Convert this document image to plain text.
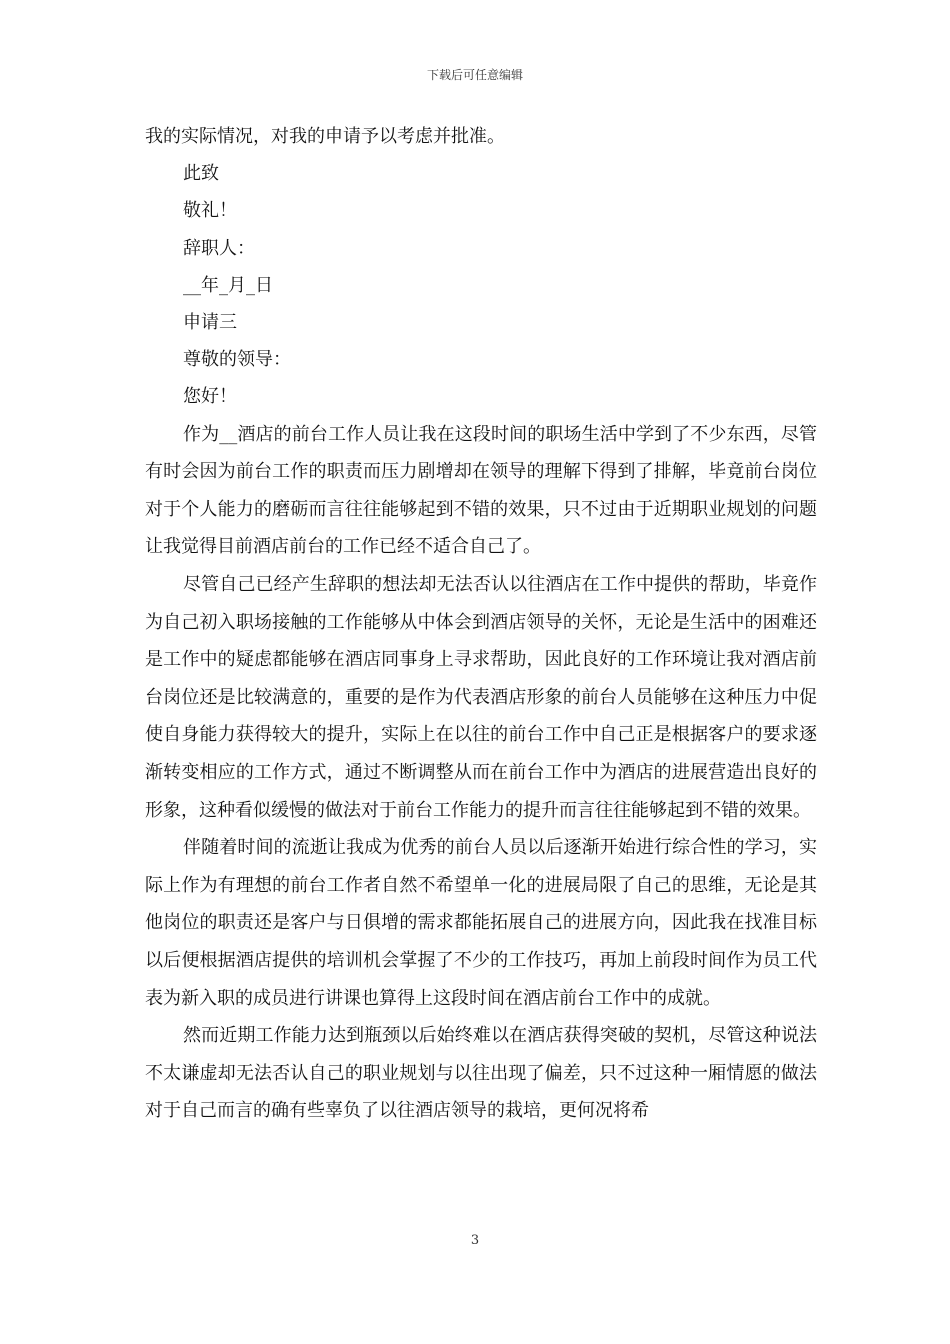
下载后可任意编辑
我的实际情况，对我的申请予以考虑并批准。
此致
敬礼！
辞职人：
__年_月_日
申请三
尊敬的领导：
您好！
作为__酒店的前台工作人员让我在这段时间的职场生活中学到了不少东西，尽管有时会因为前台工作的职责而压力剧增却在领导的理解下得到了排解，毕竟前台岗位对于个人能力的磨砺而言往往能够起到不错的效果，只不过由于近期职业规划的问题让我觉得目前酒店前台的工作已经不适合自己了。
尽管自己已经产生辞职的想法却无法否认以往酒店在工作中提供的帮助，毕竟作为自己初入职场接触的工作能够从中体会到酒店领导的关怀，无论是生活中的困难还是工作中的疑虑都能够在酒店同事身上寻求帮助，因此良好的工作环境让我对酒店前台岗位还是比较满意的，重要的是作为代表酒店形象的前台人员能够在这种压力中促使自身能力获得较大的提升，实际上在以往的前台工作中自己正是根据客户的要求逐渐转变相应的工作方式，通过不断调整从而在前台工作中为酒店的进展营造出良好的形象，这种看似缓慢的做法对于前台工作能力的提升而言往往能够起到不错的效果。
伴随着时间的流逝让我成为优秀的前台人员以后逐渐开始进行综合性的学习，实际上作为有理想的前台工作者自然不希望单一化的进展局限了自己的思维，无论是其他岗位的职责还是客户与日俱增的需求都能拓展自己的进展方向，因此我在找准目标以后便根据酒店提供的培训机会掌握了不少的工作技巧，再加上前段时间作为员工代表为新入职的成员进行讲课也算得上这段时间在酒店前台工作中的成就。
然而近期工作能力达到瓶颈以后始终难以在酒店获得突破的契机，尽管这种说法不太谦虚却无法否认自己的职业规划与以往出现了偏差，只不过这种一厢情愿的做法对于自己而言的确有些辜负了以往酒店领导的栽培，更何况将希
3
